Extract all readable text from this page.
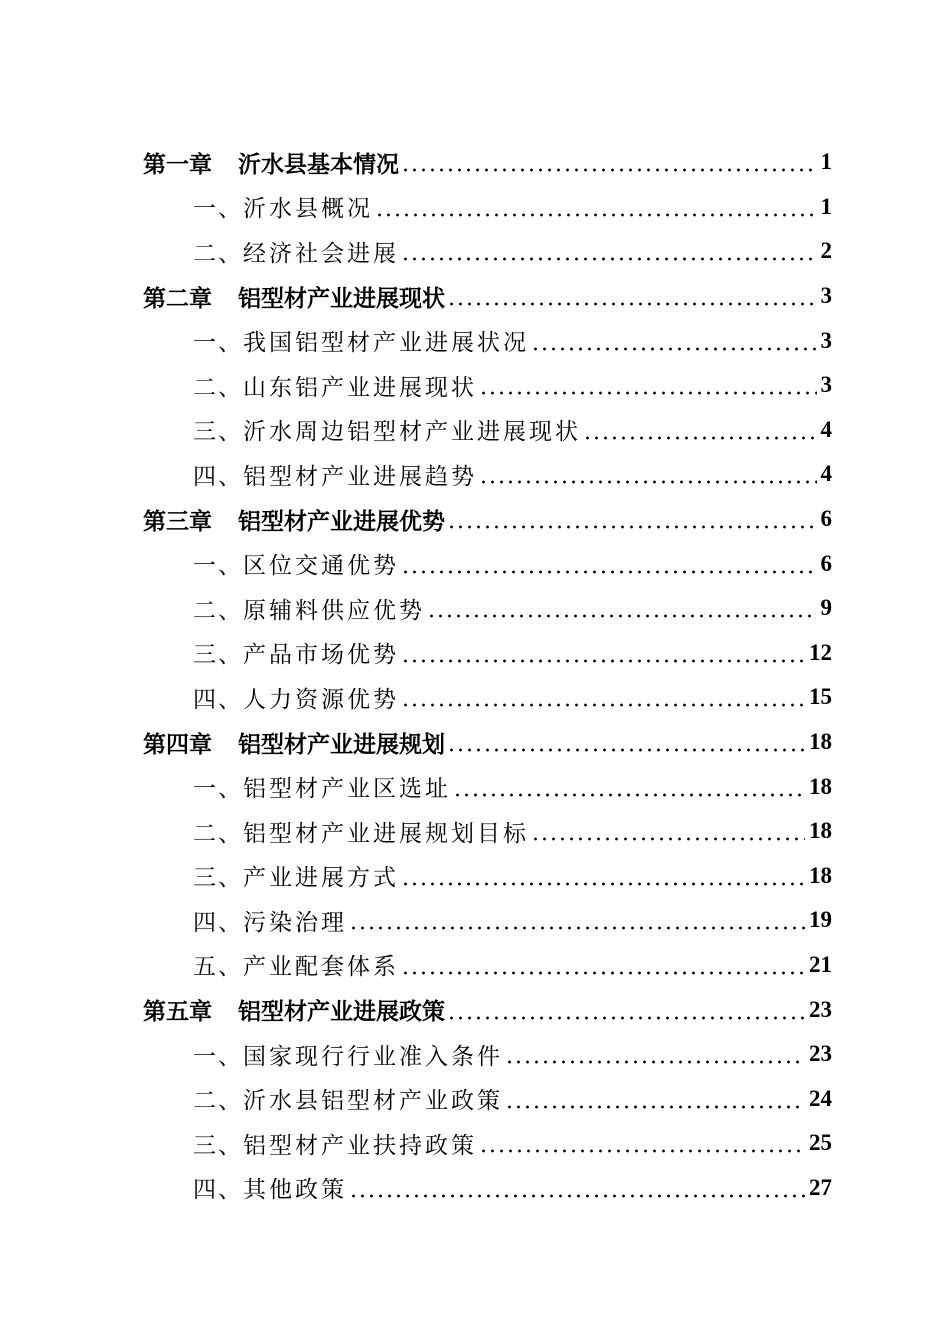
第一章 沂水县基本情况	1
一、 沂水县概况	1
二、 经济社会进展	2
第二章 铝型材产业进展现状	3
一、 我国铝型材产业进展状况	3
二、 山东铝产业进展现状	3
三、 沂水周边铝型材产业进展现状	4
四、 铝型材产业进展趋势	4
第三章 铝型材产业进展优势	6
一、 区位交通优势	6
二、 原辅料供应优势	9
三、 产品市场优势	12
四、 人力资源优势	15
第四章 铝型材产业进展规划	18
一、 铝型材产业区选址	18
二、 铝型材产业进展规划目标	18
三、 产业进展方式	18
四、 污染治理	19
五、 产业配套体系	21
第五章 铝型材产业进展政策	23
一、 国家现行行业准入条件	23
二、 沂水县铝型材产业政策	24
三、 铝型材产业扶持政策	25
四、 其他政策	27
